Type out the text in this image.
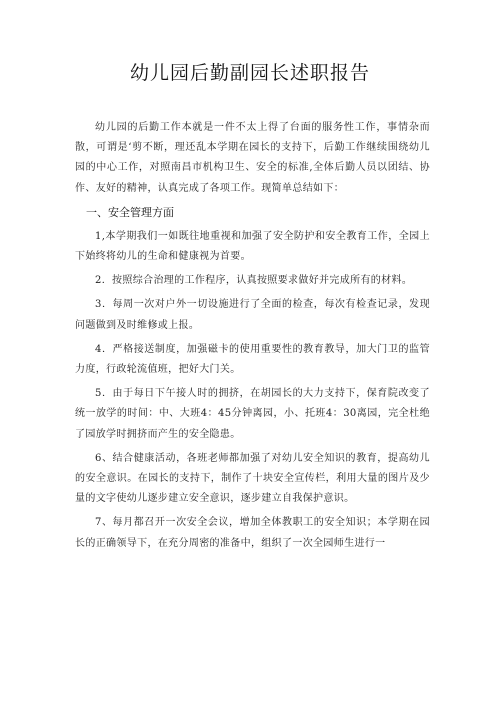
幼儿园后勤副园长述职报告

幼儿园的后勤工作本就是一件不太上得了台面的服务性工作，事情杂而散，可谓是‘剪不断，理还乱本学期在园长的支持下，后勤工作继续围绕幼儿园的中心工作，对照南昌市机构卫生、安全的标准,全体后勤人员以团结、协作、友好的精神，认真完成了各项工作。现简单总结如下：

一、安全管理方面

1,本学期我们一如既往地重视和加强了安全防护和安全教育工作，全园上下始终将幼儿的生命和健康视为首要。

2．按照综合治理的工作程序，认真按照要求做好并完成所有的材料。

3．每周一次对户外一切设施进行了全面的检查，每次有检查记录，发现问题做到及时维修或上报。

4．严格接送制度，加强磁卡的使用重要性的教育教导，加大门卫的监管力度，行政轮流值班，把好大门关。

5．由于每日下午接人时的拥挤，在胡园长的大力支持下，保育院改变了统一放学的时间：中、大班4：45分钟离园，小、托班4：30离园，完全杜绝了园放学时拥挤而产生的安全隐患。

6、结合健康活动，各班老师都加强了对幼儿安全知识的教育，提高幼儿的安全意识。在园长的支持下，制作了十块安全宣传栏，利用大量的图片及少量的文字使幼儿逐步建立安全意识，逐步建立自我保护意识。

7、每月都召开一次安全会议，增加全体教职工的安全知识；本学期在园长的正确领导下，在充分周密的准备中，组织了一次全园师生进行一
